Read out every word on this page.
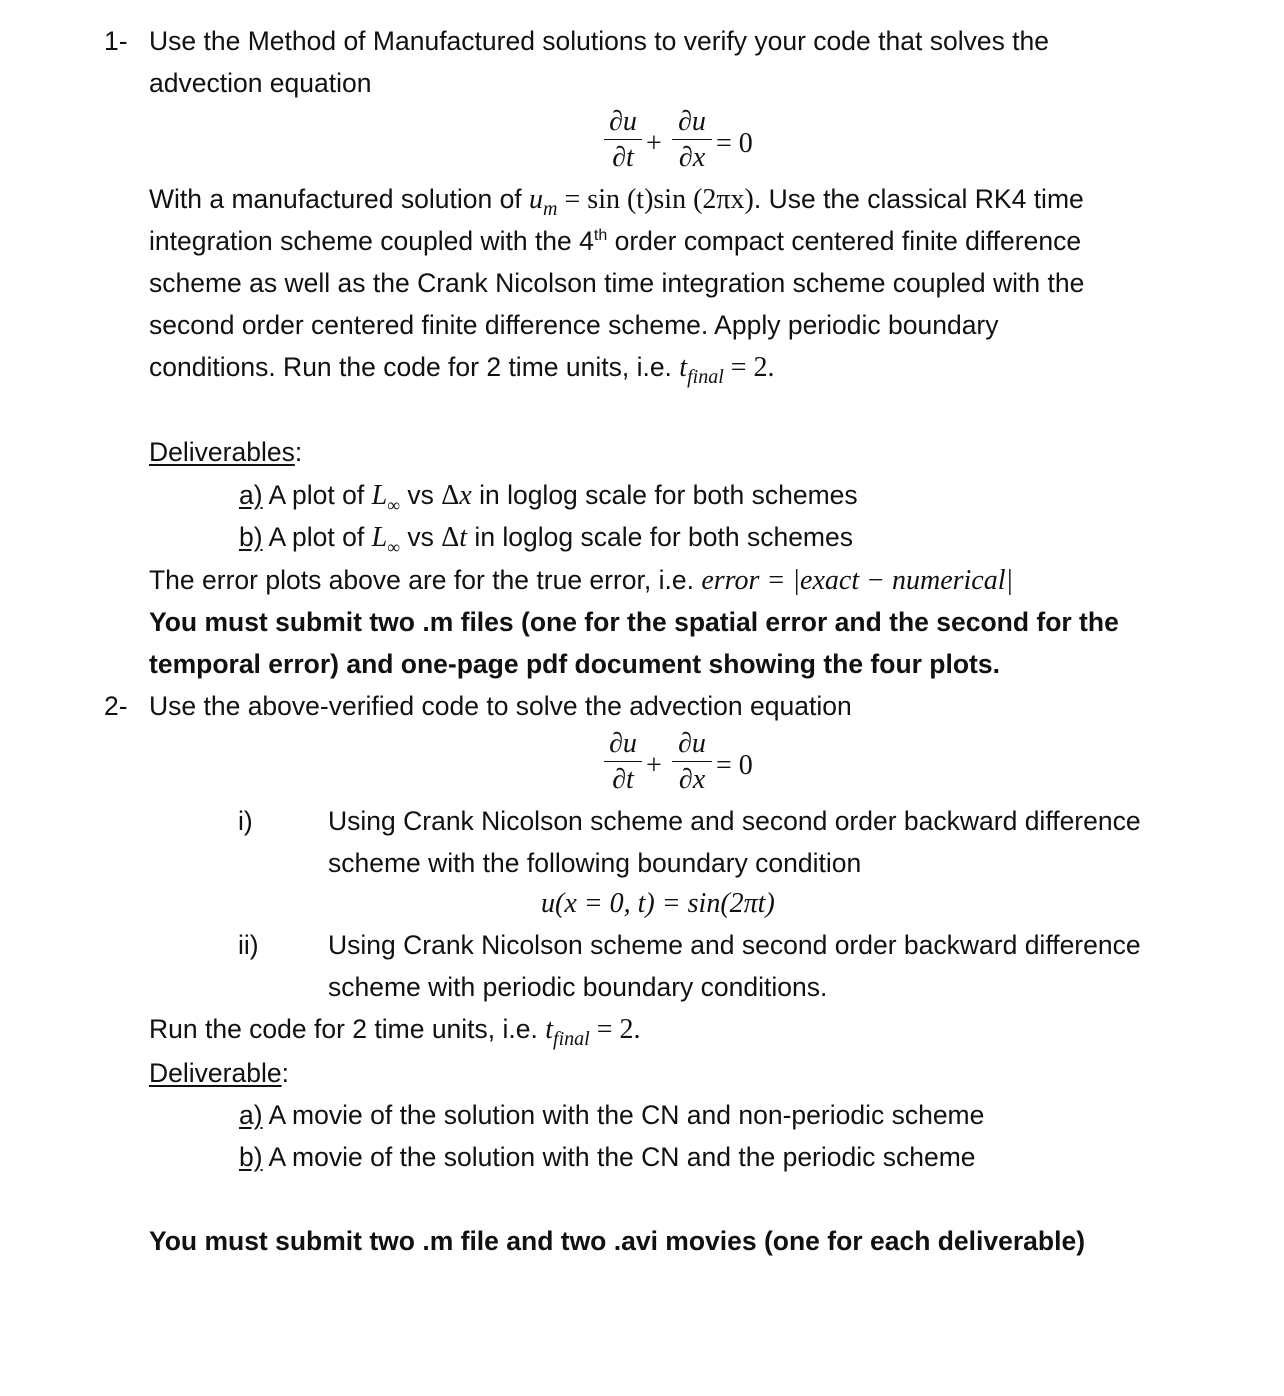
1- Use the Method of Manufactured solutions to verify your code that solves the
advection equation
∂u
∂t +
∂u
∂x = 0
With a manufactured solution of $u_m = \sin (t)\sin$ (2πx). Use the classical RK4 time
integration scheme coupled with the 4th order compact centered finite difference
scheme as well as the Crank Nicolson time integration scheme coupled with the
second order centered finite difference scheme. Apply periodic boundary
conditions. Run the code for 2 time units, i.e. $t_{final} = 2$.
Deliverables:
a) A plot of $L_\infty$ vs Δx in loglog scale for both schemes
b) A plot of $L_\infty$ vs Δt in loglog scale for both schemes
The error plots above are for the true error, i.e. error = |exact − numerical|
You must submit two .m files (one for the spatial error and the second for the
temporal error) and one-page pdf document showing the four plots.
2- Use the above-verified code to solve the advection equation
∂u
∂t +
∂u
∂x = 0
i)	Using Crank Nicolson scheme and second order backward difference
scheme with the following boundary condition
u(x = 0, t) = sin(2πt)
ii)	Using Crank Nicolson scheme and second order backward difference
scheme with periodic boundary conditions.
Run the code for 2 time units, i.e. $t_{final} = 2$.
Deliverable:
a) A movie of the solution with the CN and non-periodic scheme
b) A movie of the solution with the CN and the periodic scheme
You must submit two .m file and two .avi movies (one for each deliverable)
